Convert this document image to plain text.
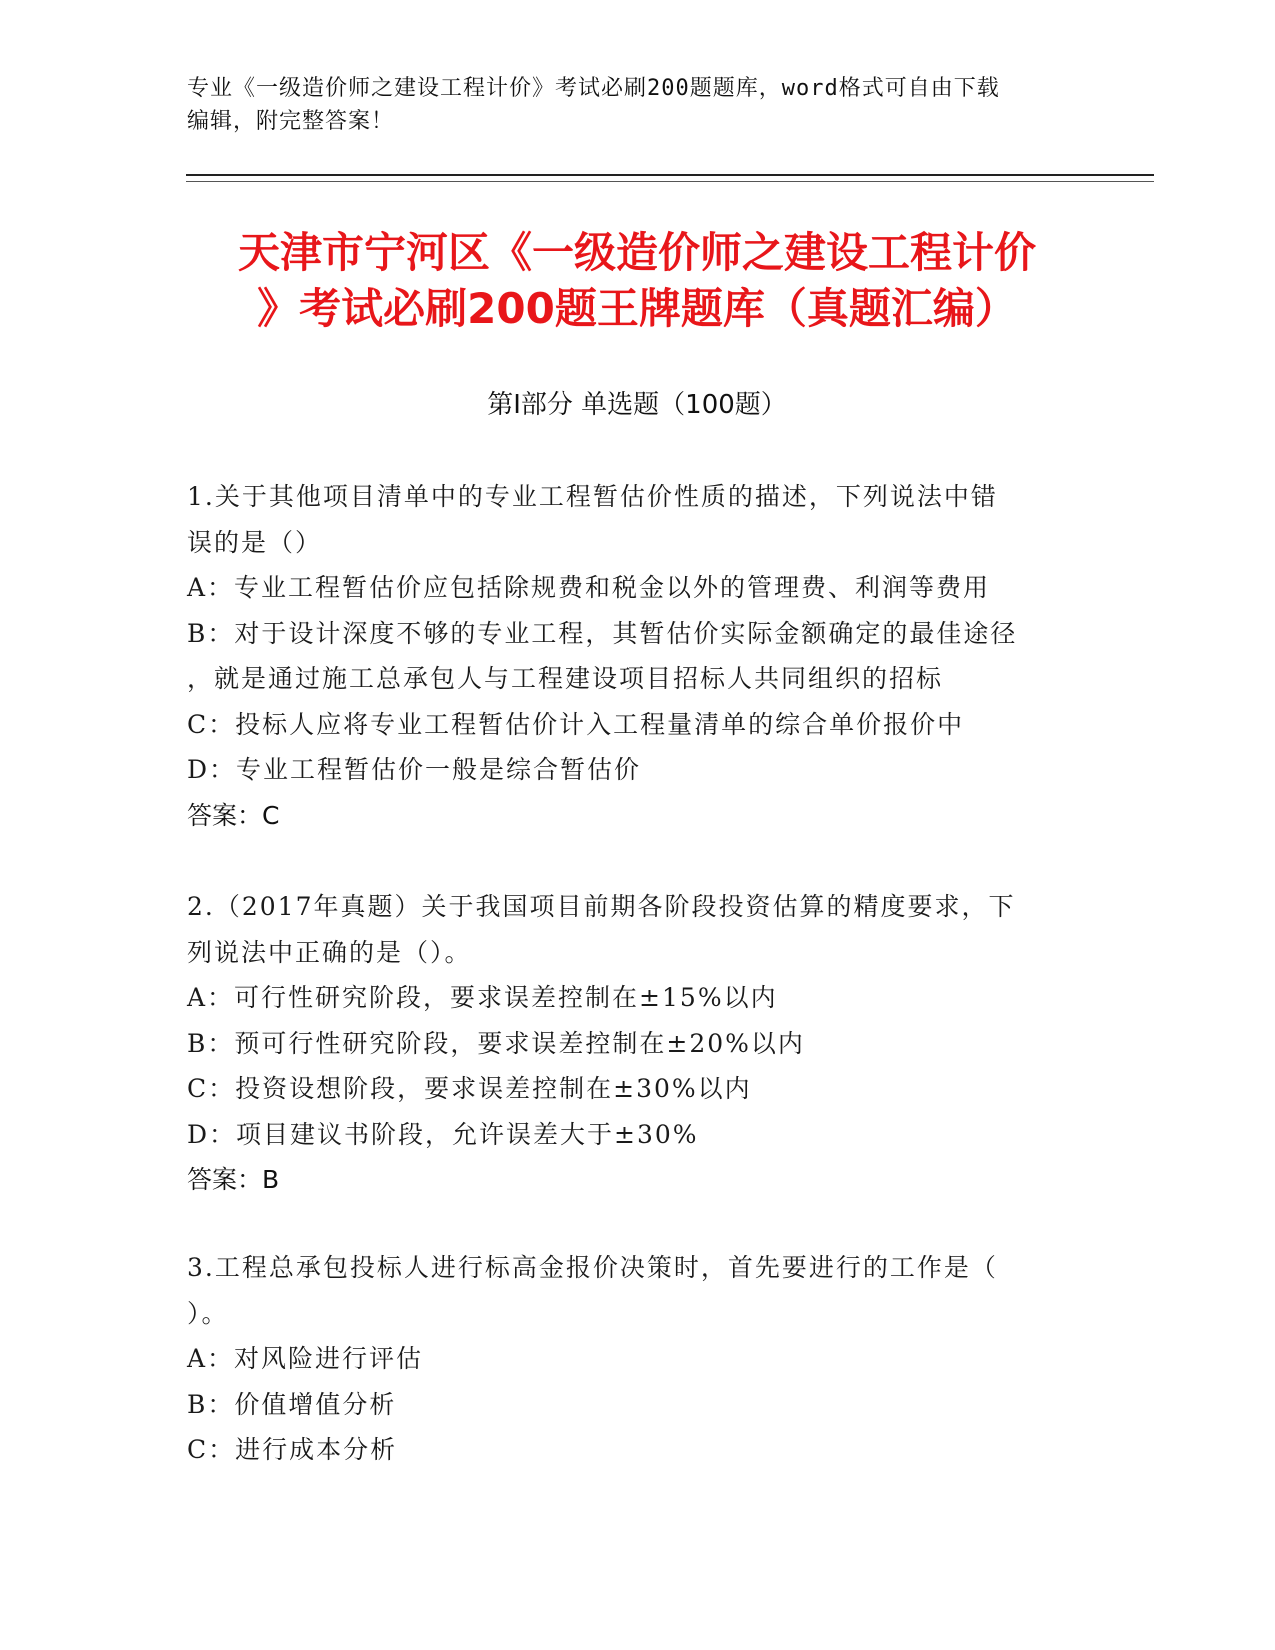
专业《一级造价师之建设工程计价》考试必刷200题题库，word格式可自由下载
编辑，附完整答案！
天津市宁河区《一级造价师之建设工程计价
》考试必刷200题王牌题库（真题汇编）
第Ⅰ部分 单选题（100题）
1.关于其他项目清单中的专业工程暂估价性质的描述，下列说法中错
误的是（）
A：专业工程暂估价应包括除规费和税金以外的管理费、利润等费用
B：对于设计深度不够的专业工程，其暂估价实际金额确定的最佳途径
，就是通过施工总承包人与工程建设项目招标人共同组织的招标
C：投标人应将专业工程暂估价计入工程量清单的综合单价报价中
D：专业工程暂估价一般是综合暂估价
答案：C
2.（2017年真题）关于我国项目前期各阶段投资估算的精度要求，下
列说法中正确的是（）。
A：可行性研究阶段，要求误差控制在±15%以内
B：预可行性研究阶段，要求误差控制在±20%以内
C：投资设想阶段，要求误差控制在±30%以内
D：项目建议书阶段，允许误差大于±30%
答案：B
3.工程总承包投标人进行标高金报价决策时，首先要进行的工作是（
）。
A：对风险进行评估
B：价值增值分析
C：进行成本分析
